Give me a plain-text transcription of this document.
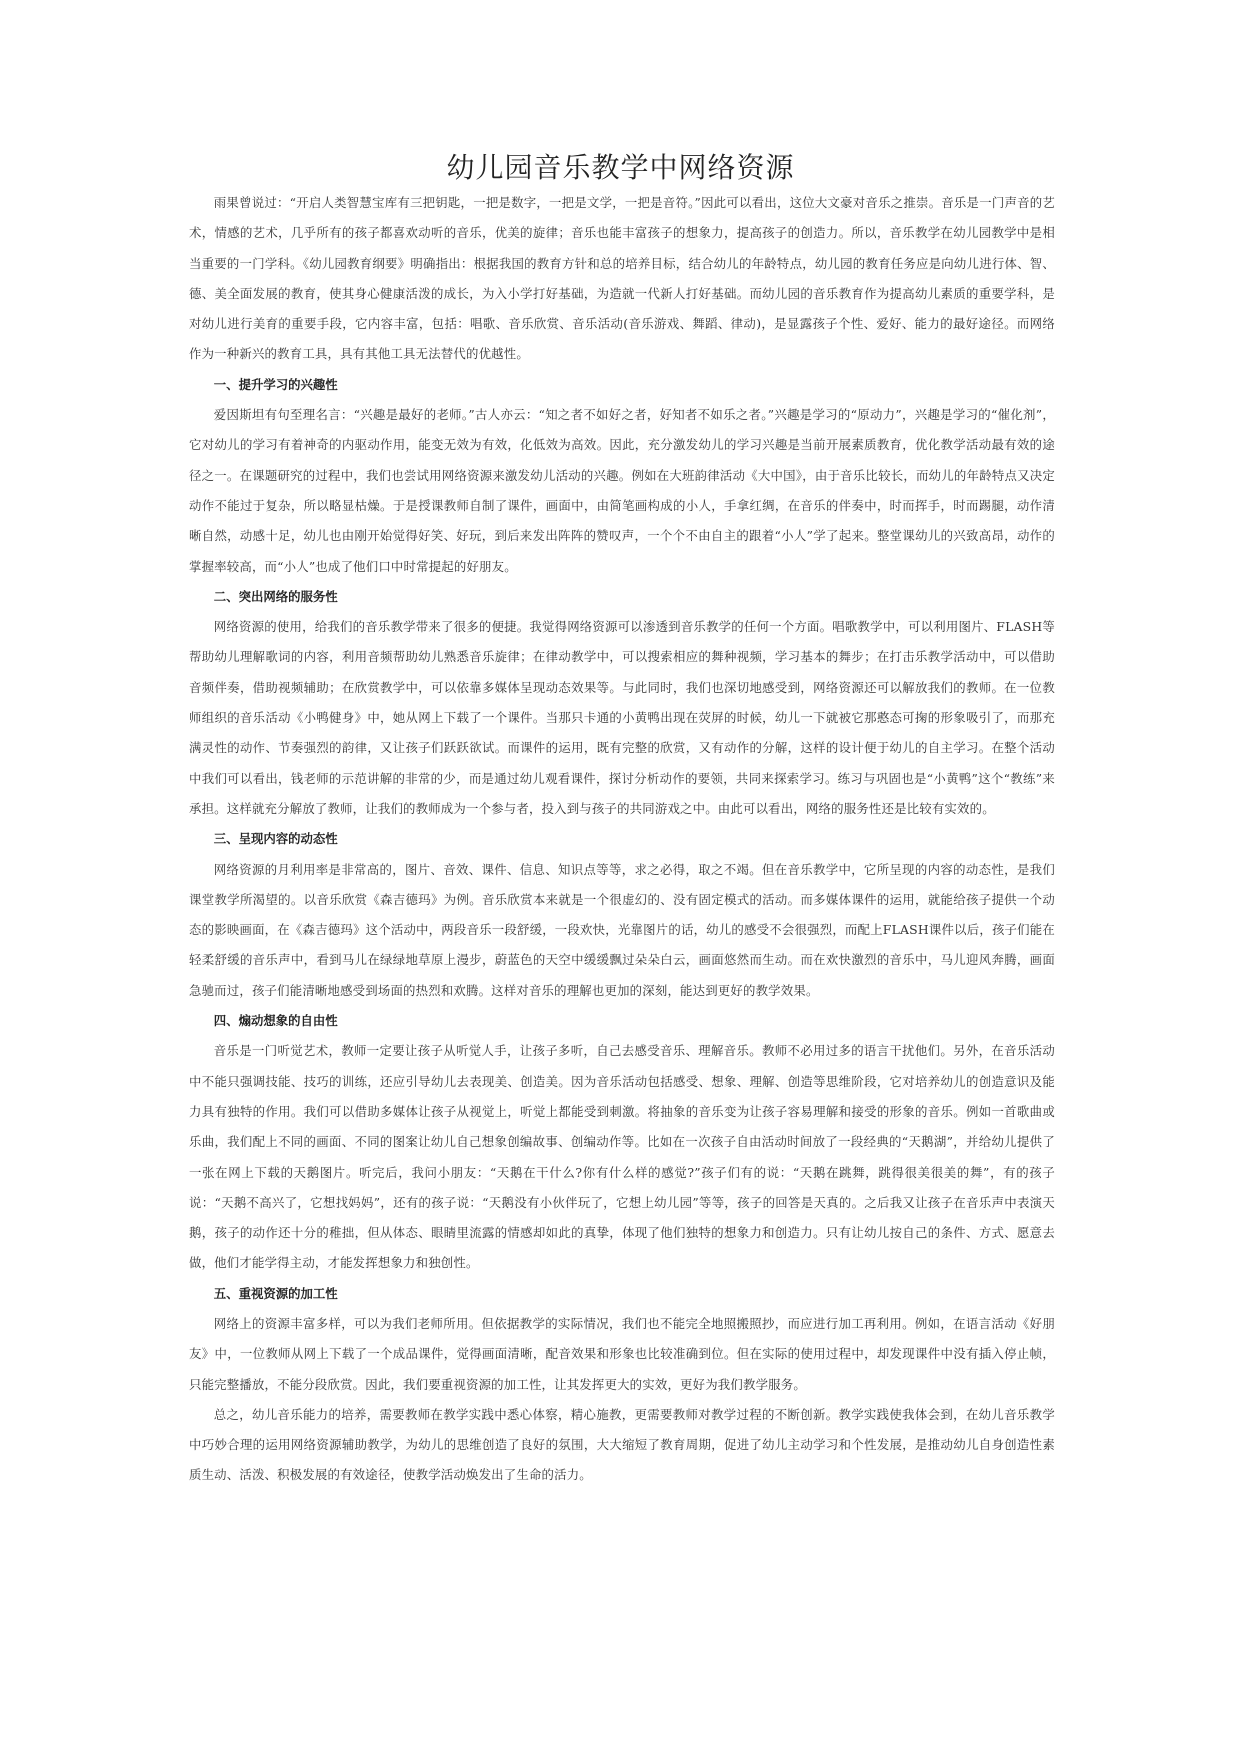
幼儿园音乐教学中网络资源

雨果曾说过：“开启人类智慧宝库有三把钥匙，一把是数字，一把是文学，一把是音符。”因此可以看出，这位大文豪对音乐之推崇。音乐是一门声音的艺术，情感的艺术，几乎所有的孩子都喜欢动听的音乐，优美的旋律；音乐也能丰富孩子的想象力，提高孩子的创造力。所以，音乐教学在幼儿园教学中是相当重要的一门学科。《幼儿园教育纲要》明确指出：根据我国的教育方针和总的培养目标，结合幼儿的年龄特点，幼儿园的教育任务应是向幼儿进行体、智、德、美全面发展的教育，使其身心健康活泼的成长，为入小学打好基础，为造就一代新人打好基础。而幼儿园的音乐教育作为提高幼儿素质的重要学科，是对幼儿进行美育的重要手段，它内容丰富，包括：唱歌、音乐欣赏、音乐活动(音乐游戏、舞蹈、律动)，是显露孩子个性、爱好、能力的最好途径。而网络作为一种新兴的教育工具，具有其他工具无法替代的优越性。

一、提升学习的兴趣性

爱因斯坦有句至理名言：“兴趣是最好的老师。”古人亦云：“知之者不如好之者，好知者不如乐之者。”兴趣是学习的“原动力”，兴趣是学习的“催化剂”，它对幼儿的学习有着神奇的内驱动作用，能变无效为有效，化低效为高效。因此，充分激发幼儿的学习兴趣是当前开展素质教育，优化教学活动最有效的途径之一。在课题研究的过程中，我们也尝试用网络资源来激发幼儿活动的兴趣。例如在大班韵律活动《大中国》，由于音乐比较长，而幼儿的年龄特点又决定动作不能过于复杂，所以略显枯燥。于是授课教师自制了课件，画面中，由简笔画构成的小人，手拿红绸，在音乐的伴奏中，时而挥手，时而踢腿，动作清晰自然，动感十足，幼儿也由刚开始觉得好笑、好玩，到后来发出阵阵的赞叹声，一个个不由自主的跟着“小人”学了起来。整堂课幼儿的兴致高昂，动作的掌握率较高，而“小人”也成了他们口中时常提起的好朋友。

二、突出网络的服务性

网络资源的使用，给我们的音乐教学带来了很多的便捷。我觉得网络资源可以渗透到音乐教学的任何一个方面。唱歌教学中，可以利用图片、FLASH等帮助幼儿理解歌词的内容，利用音频帮助幼儿熟悉音乐旋律；在律动教学中，可以搜索相应的舞种视频，学习基本的舞步；在打击乐教学活动中，可以借助音频伴奏，借助视频辅助；在欣赏教学中，可以依靠多媒体呈现动态效果等。与此同时，我们也深切地感受到，网络资源还可以解放我们的教师。在一位教师组织的音乐活动《小鸭健身》中，她从网上下载了一个课件。当那只卡通的小黄鸭出现在荧屏的时候，幼儿一下就被它那憨态可掬的形象吸引了，而那充满灵性的动作、节奏强烈的韵律，又让孩子们跃跃欲试。而课件的运用，既有完整的欣赏，又有动作的分解，这样的设计便于幼儿的自主学习。在整个活动中我们可以看出，钱老师的示范讲解的非常的少，而是通过幼儿观看课件，探讨分析动作的要领，共同来探索学习。练习与巩固也是“小黄鸭”这个“教练”来承担。这样就充分解放了教师，让我们的教师成为一个参与者，投入到与孩子的共同游戏之中。由此可以看出，网络的服务性还是比较有实效的。

三、呈现内容的动态性

网络资源的月利用率是非常高的，图片、音效、课件、信息、知识点等等，求之必得，取之不竭。但在音乐教学中，它所呈现的内容的动态性，是我们课堂教学所渴望的。以音乐欣赏《森吉德玛》为例。音乐欣赏本来就是一个很虚幻的、没有固定模式的活动。而多媒体课件的运用，就能给孩子提供一个动态的影映画面，在《森吉德玛》这个活动中，两段音乐一段舒缓，一段欢快，光靠图片的话，幼儿的感受不会很强烈，而配上FLASH课件以后，孩子们能在轻柔舒缓的音乐声中，看到马儿在绿绿地草原上漫步，蔚蓝色的天空中缓缓飘过朵朵白云，画面悠然而生动。而在欢快激烈的音乐中，马儿迎风奔腾，画面急驰而过，孩子们能清晰地感受到场面的热烈和欢腾。这样对音乐的理解也更加的深刻，能达到更好的教学效果。

四、煽动想象的自由性

音乐是一门听觉艺术，教师一定要让孩子从听觉人手，让孩子多听，自己去感受音乐、理解音乐。教师不必用过多的语言干扰他们。另外，在音乐活动中不能只强调技能、技巧的训练，还应引导幼儿去表现美、创造美。因为音乐活动包括感受、想象、理解、创造等思维阶段，它对培养幼儿的创造意识及能力具有独特的作用。我们可以借助多媒体让孩子从视觉上，听觉上都能受到刺激。将抽象的音乐变为让孩子容易理解和接受的形象的音乐。例如一首歌曲或乐曲，我们配上不同的画面、不同的图案让幼儿自己想象创编故事、创编动作等。比如在一次孩子自由活动时间放了一段经典的“天鹅湖”，并给幼儿提供了一张在网上下载的天鹅图片。听完后，我问小朋友：“天鹅在干什么?你有什么样的感觉?”孩子们有的说：“天鹅在跳舞，跳得很美很美的舞”，有的孩子说：“天鹅不高兴了，它想找妈妈”，还有的孩子说：“天鹅没有小伙伴玩了，它想上幼儿园”等等，孩子的回答是天真的。之后我又让孩子在音乐声中表演天鹅，孩子的动作还十分的稚拙，但从体态、眼睛里流露的情感却如此的真挚，体现了他们独特的想象力和创造力。只有让幼儿按自己的条件、方式、愿意去做，他们才能学得主动，才能发挥想象力和独创性。

五、重视资源的加工性

网络上的资源丰富多样，可以为我们老师所用。但依据教学的实际情况，我们也不能完全地照搬照抄，而应进行加工再利用。例如，在语言活动《好朋友》中，一位教师从网上下载了一个成品课件，觉得画面清晰，配音效果和形象也比较准确到位。但在实际的使用过程中，却发现课件中没有插入停止帧，只能完整播放，不能分段欣赏。因此，我们要重视资源的加工性，让其发挥更大的实效，更好为我们教学服务。

总之，幼儿音乐能力的培养，需要教师在教学实践中悉心体察，精心施教，更需要教师对教学过程的不断创新。教学实践使我体会到，在幼儿音乐教学中巧妙合理的运用网络资源辅助教学，为幼儿的思维创造了良好的氛围，大大缩短了教育周期，促进了幼儿主动学习和个性发展，是推动幼儿自身创造性素质生动、活泼、积极发展的有效途径，使教学活动焕发出了生命的活力。
